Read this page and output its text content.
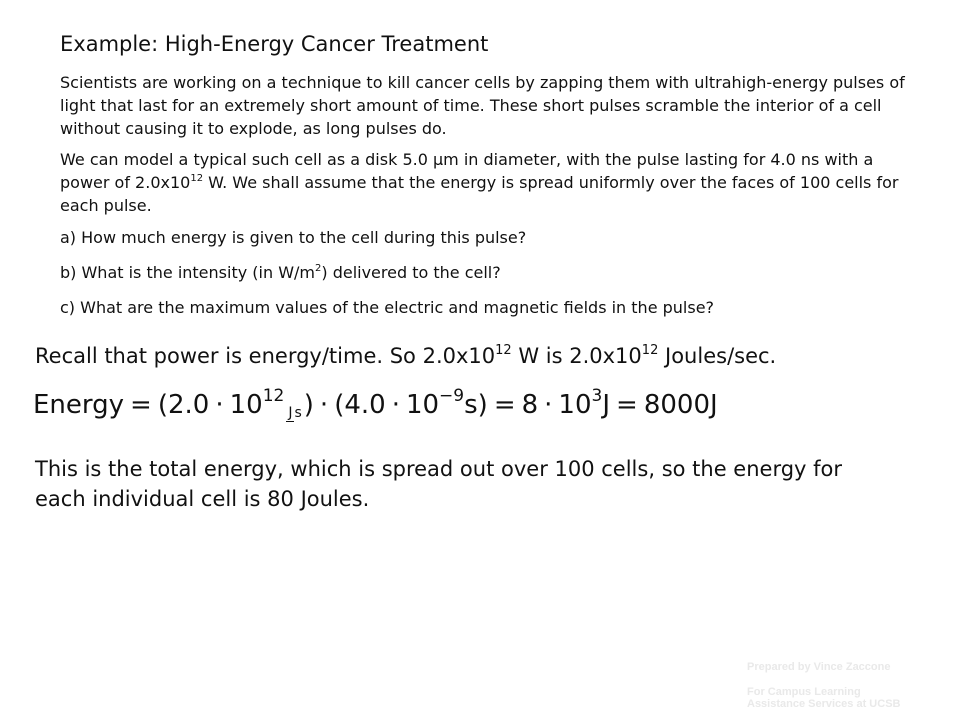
Example: High-Energy Cancer Treatment

Scientists are working on a technique to kill cancer cells by zapping them with ultrahigh-energy pulses of light that last for an extremely short amount of time. These short pulses scramble the interior of a cell without causing it to explode, as long pulses do.

We can model a typical such cell as a disk 5.0 μm in diameter, with the pulse lasting for 4.0 ns with a power of $2.0x10^{12}$ W. We shall assume that the energy is spread uniformly over the faces of 100 cells for each pulse.

a) How much energy is given to the cell during this pulse?

b) What is the intensity (in $W/m^2$) delivered to the cell?

c) What are the maximum values of the electric and magnetic fields in the pulse?

Recall that power is energy/time. So $2.0x10^{12}$ W is $2.0x10^{12}$ Joules/sec.

Energy = (2.0 · 1012J s) · (4.0 · 10−9s) = 8 · 103J = 8000J

This is the total energy, which is spread out over 100 cells, so the energy for each individual cell is 80 Joules.

Prepared by Vince Zaccone
For Campus Learning
Assistance Services at UCSB
